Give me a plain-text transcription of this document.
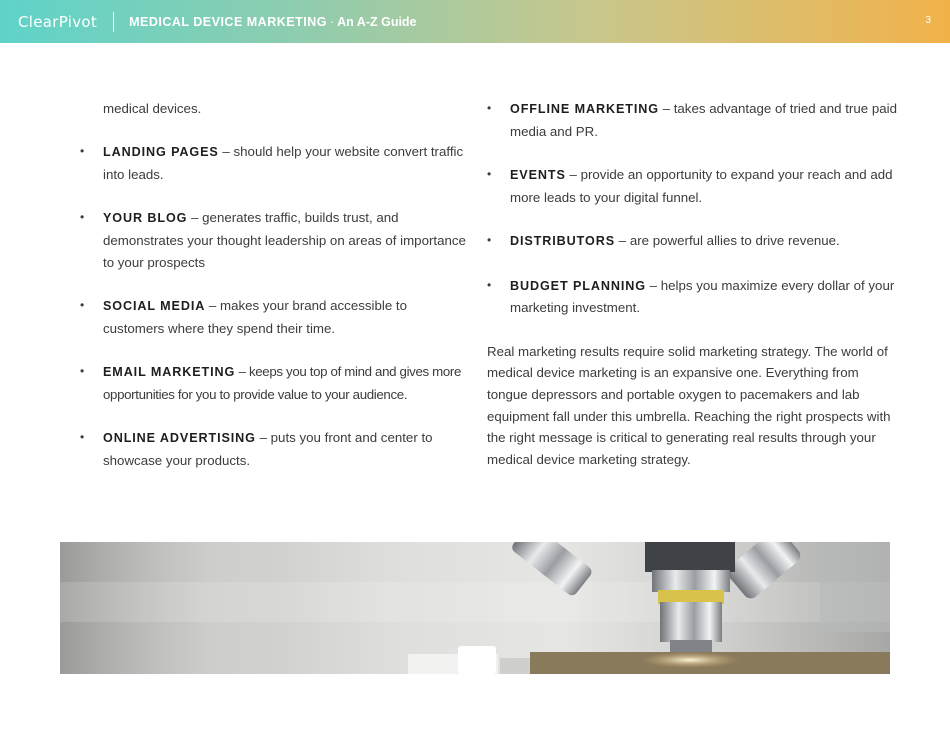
ClearPivot	MEDICAL DEVICE MARKETING · An A-Z Guide	3
medical devices.
• LANDING PAGES – should help your website convert traffic into leads.
• YOUR BLOG – generates traffic, builds trust, and demonstrates your thought leadership on areas of importance to your prospects
• SOCIAL MEDIA – makes your brand accessible to customers where they spend their time.
• EMAIL MARKETING – keeps you top of mind and gives more opportunities for you to provide value to your audience.
• ONLINE ADVERTISING – puts you front and center to showcase your products.
• OFFLINE MARKETING – takes advantage of tried and true paid media and PR.
• EVENTS – provide an opportunity to expand your reach and add more leads to your digital funnel.
• DISTRIBUTORS – are powerful allies to drive revenue.
• BUDGET PLANNING – helps you maximize every dollar of your marketing investment.

Real marketing results require solid marketing strategy. The world of medical device marketing is an expansive one. Everything from tongue depressors and portable oxygen to pacemakers and lab equipment fall under this umbrella. Reaching the right prospects with the right message is critical to generating real results through your medical device marketing strategy.
